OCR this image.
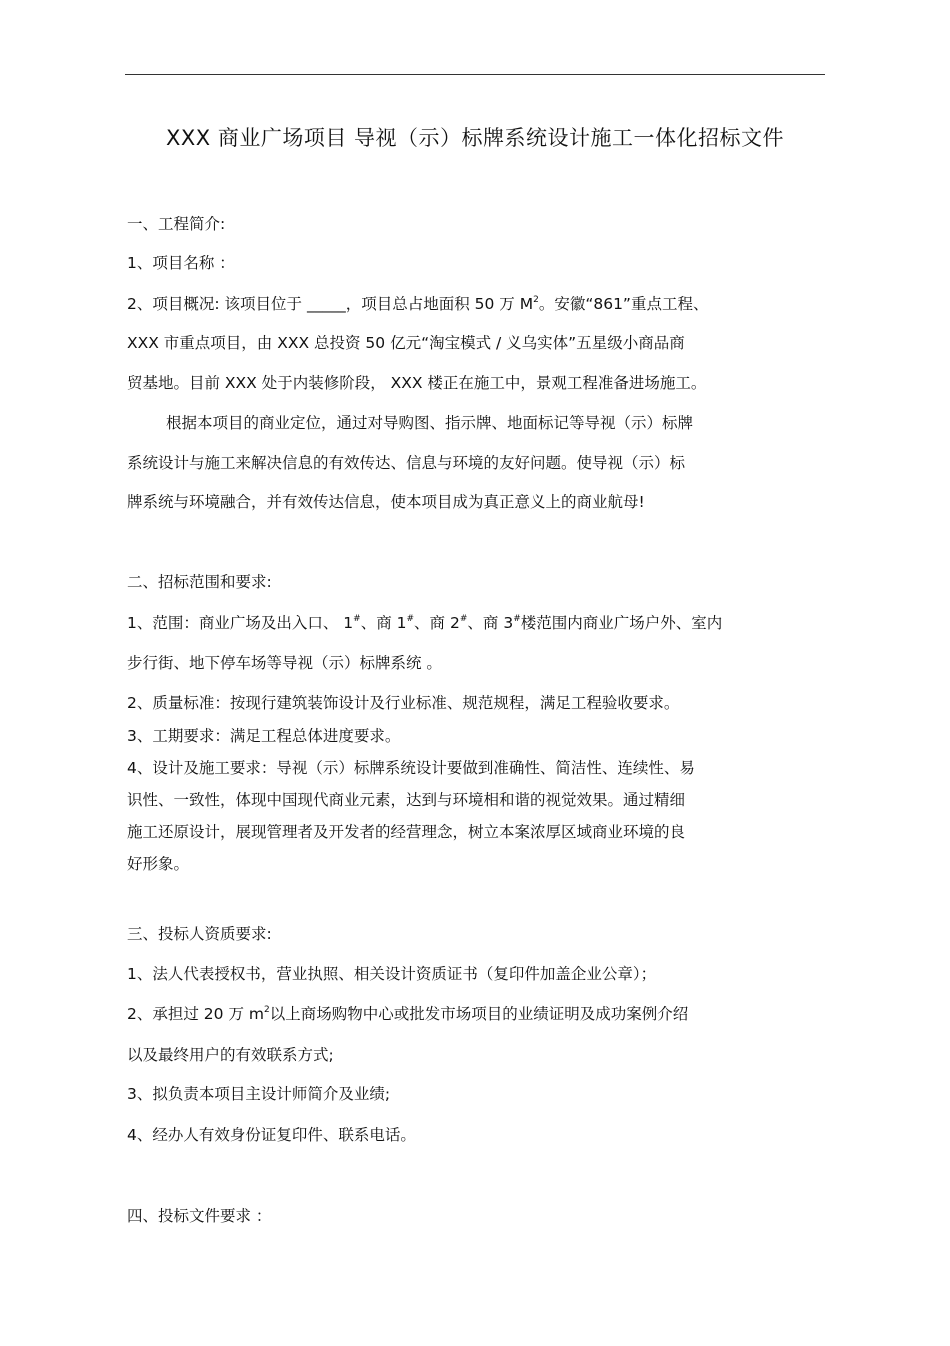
XXX 商业广场项目 导视（示）标牌系统设计施工一体化招标文件
一、工程简介:
1、项目名称 ：
2、项目概况: 该项目位于 _____，项目总占地面积 50 万 $M^2$。安徽“861”重点工程、
XXX 市重点项目，由 XXX 总投资 50 亿元“淘宝模式 / 义乌实体”五星级小商品商
贸基地。目前 XXX 处于内装修阶段， XXX 楼正在施工中，景观工程准备进场施工。
根据本项目的商业定位，通过对导购图、指示牌、地面标记等导视（示）标牌
系统设计与施工来解决信息的有效传达、信息与环境的友好问题。使导视（示）标
牌系统与环境融合，并有效传达信息，使本项目成为真正意义上的商业航母!
二、招标范围和要求:
1、范围：商业广场及出入口、 1#、商 1#、商 2#、商 3#楼范围内商业广场户外、室内
步行街、地下停车场等导视（示）标牌系统 。
2、质量标准：按现行建筑装饰设计及行业标准、规范规程，满足工程验收要求。
3、工期要求：满足工程总体进度要求。
4、设计及施工要求：导视（示）标牌系统设计要做到准确性、简洁性、连续性、易
识性、一致性，体现中国现代商业元素，达到与环境相和谐的视觉效果。通过精细
施工还原设计，展现管理者及开发者的经营理念，树立本案浓厚区域商业环境的良
好形象。
三、投标人资质要求:
1、法人代表授权书，营业执照、相关设计资质证书（复印件加盖企业公章）；
2、承担过 20 万 $m^2$以上商场购物中心或批发市场项目的业绩证明及成功案例介绍
以及最终用户的有效联系方式;
3、拟负责本项目主设计师简介及业绩;
4、经办人有效身份证复印件、联系电话。
四、投标文件要求 ：
